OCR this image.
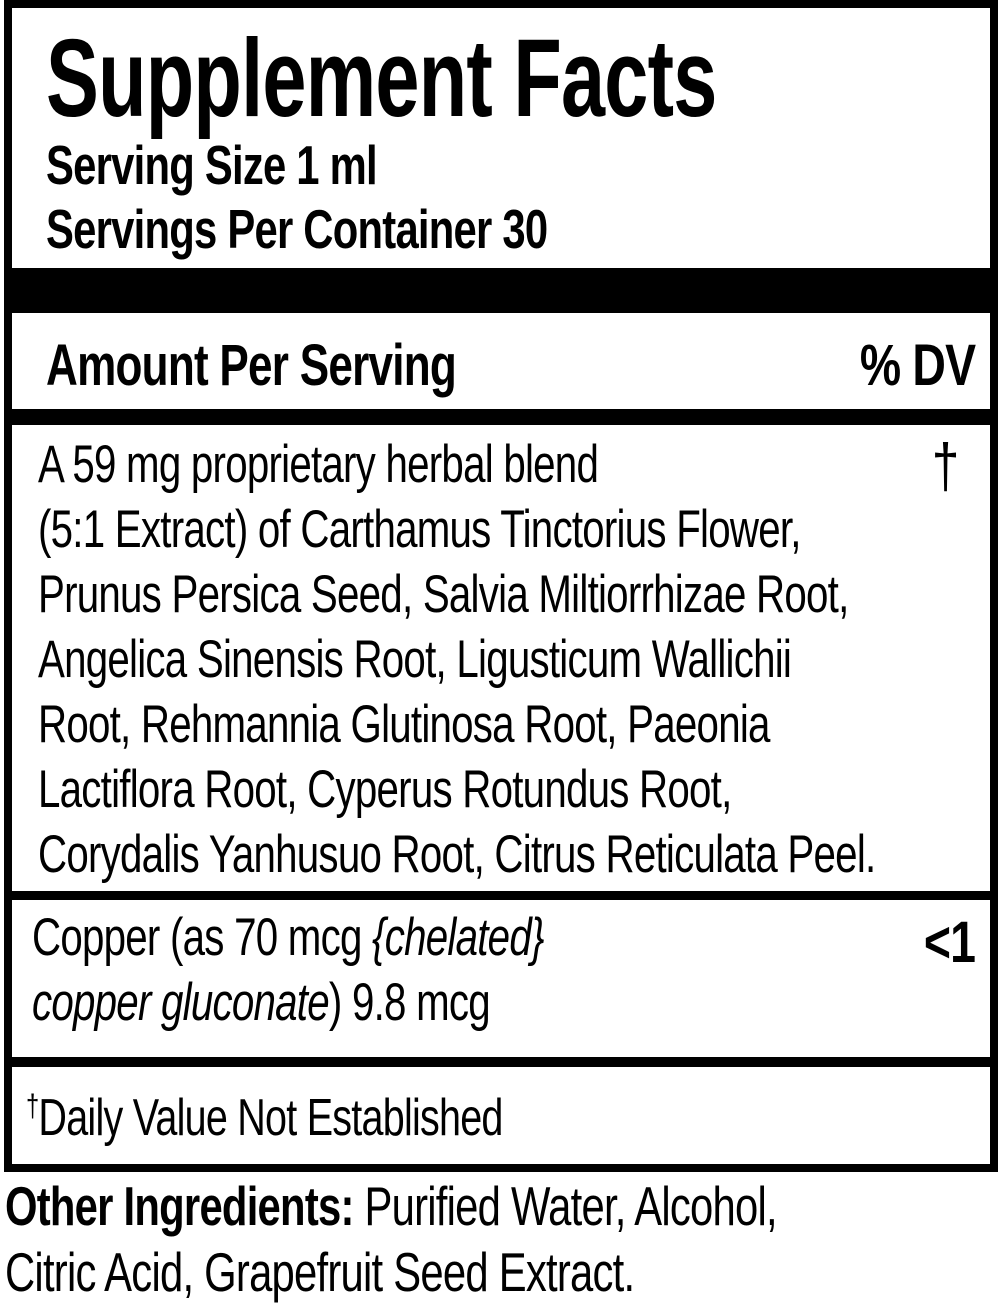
Supplement Facts
Serving Size 1 ml
Servings Per Container 30
Amount Per Serving	% DV
A 59 mg proprietary herbal blend
(5:1 Extract) of Carthamus Tinctorius Flower,
Prunus Persica Seed, Salvia Miltiorrhizae Root,
Angelica Sinensis Root, Ligusticum Wallichii
Root, Rehmannia Glutinosa Root, Paeonia
Lactiflora Root, Cyperus Rotundus Root,
Corydalis Yanhusuo Root, Citrus Reticulata Peel.
†
Copper (as 70 mcg {chelated}
copper gluconate) 9.8 mcg
<1
†Daily Value Not Established
Other Ingredients: Purified Water, Alcohol,
Citric Acid, Grapefruit Seed Extract.
